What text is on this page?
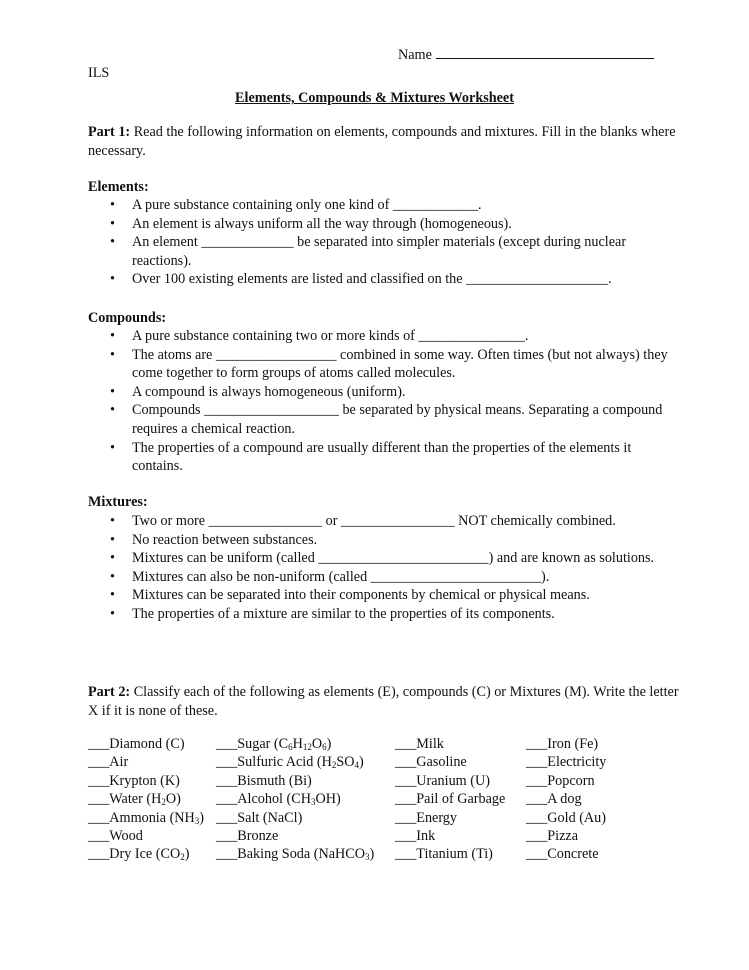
Name
ILS
Elements, Compounds & Mixtures Worksheet
Part 1: Read the following information on elements, compounds and mixtures. Fill in the blanks where necessary.
Elements:
• A pure substance containing only one kind of ____________.
• An element is always uniform all the way through (homogeneous).
• An element _____________ be separated into simpler materials (except during nuclear reactions).
• Over 100 existing elements are listed and classified on the ____________________.
Compounds:
• A pure substance containing two or more kinds of _______________.
• The atoms are _________________ combined in some way. Often times (but not always) they come together to form groups of atoms called molecules.
• A compound is always homogeneous (uniform).
• Compounds ___________________ be separated by physical means. Separating a compound requires a chemical reaction.
• The properties of a compound are usually different than the properties of the elements it contains.
Mixtures:
• Two or more ________________ or ________________ NOT chemically combined.
• No reaction between substances.
• Mixtures can be uniform (called ________________________) and are known as solutions.
• Mixtures can also be non-uniform (called ________________________).
• Mixtures can be separated into their components by chemical or physical means.
• The properties of a mixture are similar to the properties of its components.
Part 2: Classify each of the following as elements (E), compounds (C) or Mixtures (M). Write the letter X if it is none of these.
___Diamond (C)
___Air
___Krypton (K)
___Water $(H_2O)$
___Ammonia $(NH_3)$
___Wood
___Dry Ice $(CO_2)$
___Sugar $(C_6H_{12}O_6)$
___Sulfuric Acid $(H_2SO_4)$
___Bismuth (Bi)
___Alcohol $(CH_3OH)$
___Salt (NaCl)
___Bronze
___Baking Soda (NaHCO$_3$)
___Milk
___Gasoline
___Uranium (U)
___Pail of Garbage
___Energy
___Ink
___Titanium (Ti)
___Iron (Fe)
___Electricity
___Popcorn
___A dog
___Gold (Au)
___Pizza
___Concrete
